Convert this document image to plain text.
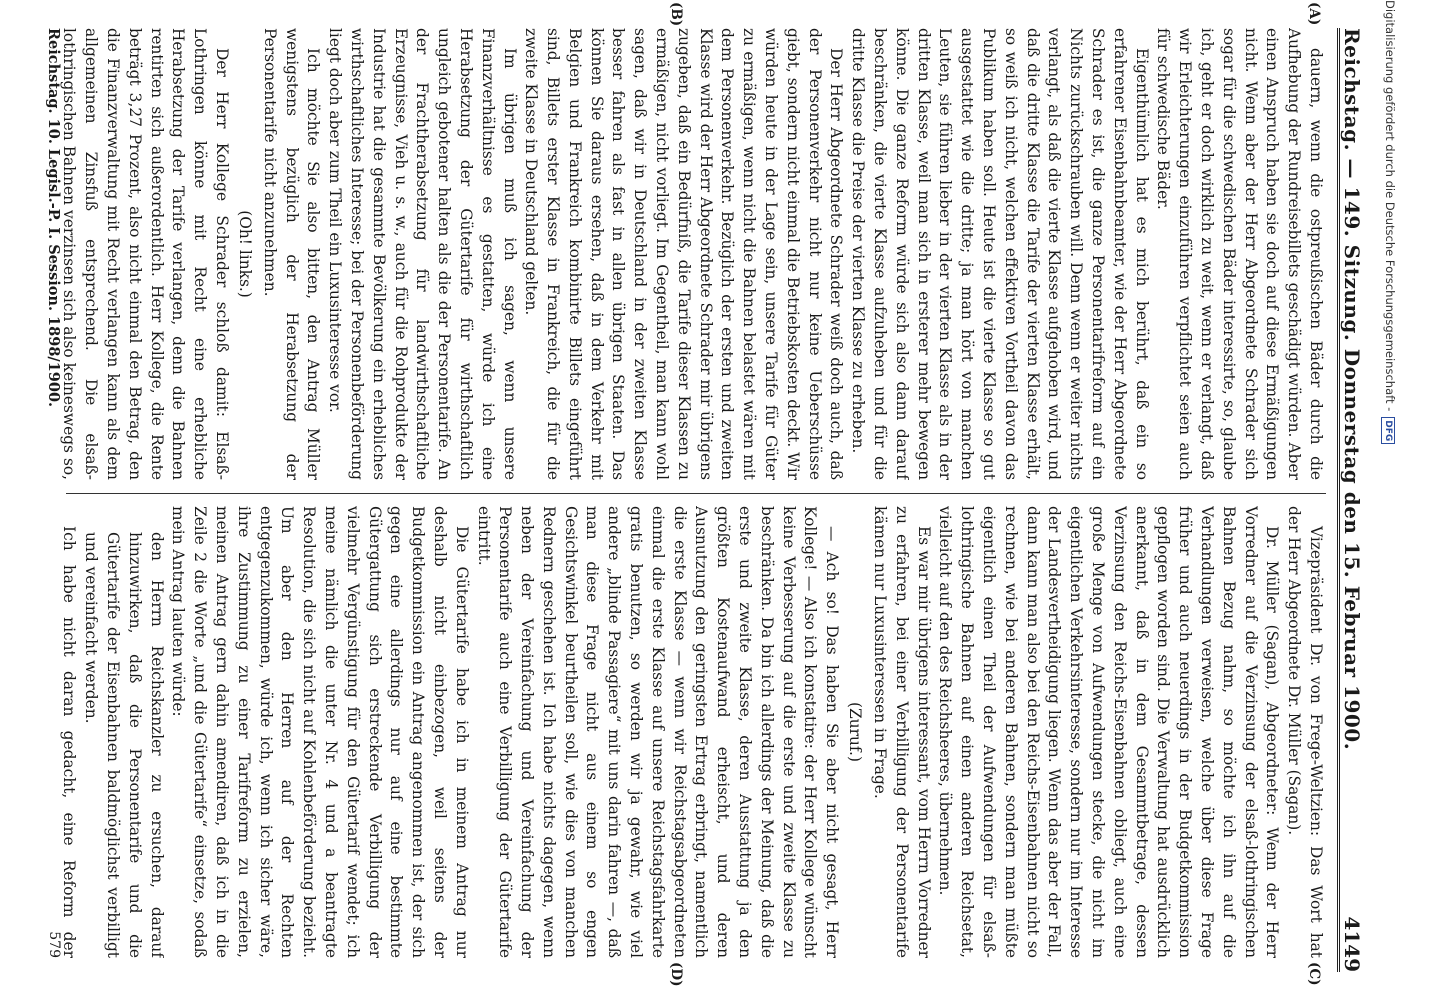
Reichstag. — 149. Sitzung. Donnerstag den 15. Februar 1900.
4149
(A)
(B)
(C)
(D)

dauern, wenn die ostpreußischen Bäder durch die Aufhebung der Rundreisebillets geschädigt würden. Aber einen Anspruch haben sie doch auf diese Ermäßigungen nicht. Wenn aber der Herr Abgeordnete Schrader sich sogar für die schwedischen Bäder interessirte, so, glaube ich, geht er doch wirklich zu weit, wenn er verlangt, daß wir Erleichterungen einzuführen verpflichtet seien auch für schwedische Bäder.

Eigenthümlich hat es mich berührt, daß ein so erfahrener Eisenbahnbeamter, wie der Herr Abgeordnete Schrader es ist, die ganze Personentarifreform auf ein Nichts zurückschrauben will. Denn wenn er weiter nichts verlangt, als daß die vierte Klasse aufgehoben wird, und daß die dritte Klasse die Tarife der vierten Klasse erhält, so weiß ich nicht, welchen effektiven Vortheil davon das Publikum haben soll. Heute ist die vierte Klasse so gut ausgestattet wie die dritte; ja man hört von manchen Leuten, sie führen lieber in der vierten Klasse als in der dritten Klasse, weil man sich in ersterer mehr bewegen könne. Die ganze Reform würde sich also dann darauf beschränken, die vierte Klasse aufzuheben und für die dritte Klasse die Preise der vierten Klasse zu erheben.

Der Herr Abgeordnete Schrader weiß doch auch, daß der Personenverkehr nicht nur keine Ueberschüsse giebt, sondern nicht einmal die Betriebskosten deckt. Wir würden heute in der Lage sein, unsere Tarife für Güter zu ermäßigen, wenn nicht die Bahnen belastet wären mit dem Personenverkehr. Bezüglich der ersten und zweiten Klasse wird der Herr Abgeordnete Schrader mir übrigens zugeben, daß ein Bedürfniß, die Tarife dieser Klassen zu ermäßigen, nicht vorliegt. Im Gegentheil, man kann wohl sagen, daß wir in Deutschland in der zweiten Klasse besser fahren als fast in allen übrigen Staaten. Das können Sie daraus ersehen, daß in dem Verkehr mit Belgien und Frankreich kombinirte Billets eingeführt sind, Billets erster Klasse in Frankreich, die für die zweite Klasse in Deutschland gelten.

Im übrigen muß ich sagen, wenn unsere Finanzverhältnisse es gestatten, würde ich eine Herabsetzung der Gütertarife für wirthschaftlich ungleich gebotener halten als die der Personentarife. An der Frachtherabsetzung für landwirthschaftliche Erzeugnisse, Vieh u. s. w., auch für die Rohprodukte der Industrie hat die gesammte Bevölkerung ein erhebliches wirthschaftliches Interesse; bei der Personenbeförderung liegt doch aber zum Theil ein Luxusinteresse vor.

Ich möchte Sie also bitten, den Antrag Müller wenigstens bezüglich der Herabsetzung der Personentarife nicht anzunehmen.

(Oh! links.)

Der Herr Kollege Schrader schloß damit: Elsaß-Lothringen könne mit Recht eine erhebliche Herabsetzung der Tarife verlangen, denn die Bahnen rentirten sich außerordentlich. Herr Kollege, die Rente beträgt 3,27 Prozent, also nicht einmal den Betrag, den die Finanzverwaltung mit Recht verlangen kann als dem allgemeinen Zinsfuß entsprechend. Die elsaß-lothringischen Bahnen verzinsen sich also keineswegs so,

Reichstag. 10. Legisl.-P. I. Session. 1898/1900.

Vizepräsident Dr. von Frege-Weltzien: Das Wort hat der Herr Abgeordnete Dr. Müller (Sagan).

Dr. Müller (Sagan), Abgeordneter: Wenn der Herr Vorredner auf die Verzinsung der elsaß-lothringischen Bahnen Bezug nahm, so möchte ich ihn auf die Verhandlungen verweisen, welche über diese Frage früher und auch neuerdings in der Budgetkommission gepflogen worden sind. Die Verwaltung hat ausdrücklich anerkannt, daß in dem Gesammtbetrage, dessen Verzinsung den Reichs-Eisenbahnen obliegt, auch eine große Menge von Aufwendungen stecke, die nicht im eigentlichen Verkehrsinteresse, sondern nur im Interesse der Landesvertheidigung liegen. Wenn das aber der Fall, dann kann man also bei den Reichs-Eisenbahnen nicht so rechnen, wie bei anderen Bahnen, sondern man müßte eigentlich einen Theil der Aufwendungen für elsaß-lothringische Bahnen auf einen anderen Reichsetat, vielleicht auf den des Reichsheeres, übernehmen.

Es war mir übrigens interessant, vom Herrn Vorredner zu erfahren, bei einer Verbilligung der Personentarife kämen nur Luxusinteressen in Frage.

(Zuruf.)

— Ach so! Das haben Sie aber nicht gesagt, Herr Kollege! — Also ich konstatire: der Herr Kollege wünscht keine Verbesserung auf die erste und zweite Klasse zu beschränken. Da bin ich allerdings der Meinung, daß die erste und zweite Klasse, deren Ausstattung ja den größten Kostenaufwand erheischt, und deren Ausnutzung den geringsten Ertrag erbringt, namentlich die erste Klasse — wenn wir Reichstagsabgeordneten einmal die erste Klasse auf unsere Reichstagsfahrkarte gratis benutzen, so werden wir ja gewahr, wie viel andere „blinde Passagiere“ mit uns darin fahren —, daß man diese Frage nicht aus einem so engen Gesichtswinkel beurtheilen soll, wie dies von manchen Rednern geschehen ist. Ich habe nichts dagegen, wenn neben der Vereinfachung und Vereinfachung der Personentarife auch eine Verbilligung der Gütertarife eintritt.

Die Gütertarife habe ich in meinem Antrag nur deshalb nicht einbezogen, weil seitens der Budgetkommission ein Antrag angenommen ist, der sich gegen eine allerdings nur auf eine bestimmte Gütergattung sich erstreckende Verbilligung der vielmehr Vergünstigung für den Gütertarif wendet; ich meine nämlich die unter Nr. 4 und a beantragte Resolution, die sich nicht auf Kohlenbeförderung bezieht. Um aber den Herren auf der Rechten entgegenzukommen, würde ich, wenn ich sicher wäre, ihre Zustimmung zu einer Tarifreform zu erzielen, meinen Antrag gern dahin amendiren, daß ich in die Zeile 2 die Worte „und die Gütertarife“ einsetze, sodaß mein Antrag lauten würde:

den Herrn Reichskanzler zu ersuchen, darauf hinzuwirken, daß die Personentarife und die Gütertarife der Eisenbahnen baldmöglichst verbilligt und vereinfacht werden.

Ich habe nicht daran gedacht, eine Reform der

579
Digitalisierung gefördert durch die Deutsche Forschungsgemeinschaft -DFG
